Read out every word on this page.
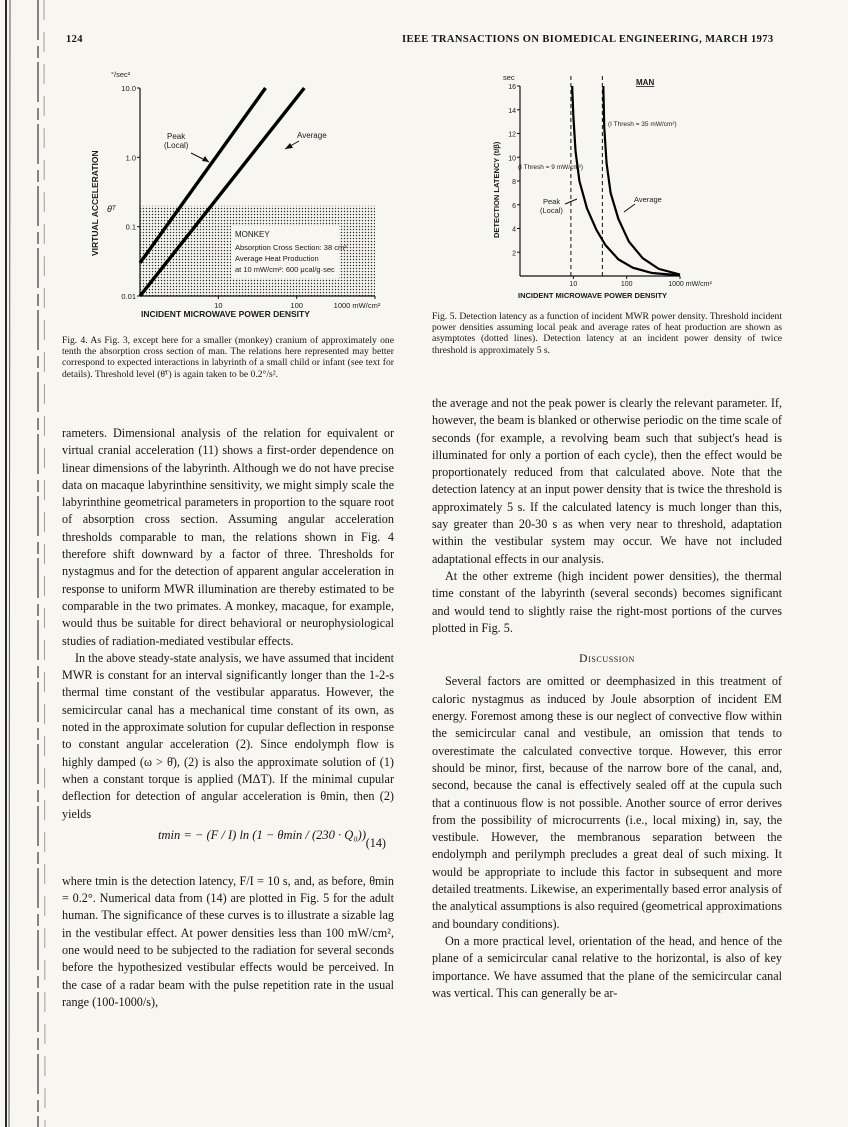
124	IEEE TRANSACTIONS ON BIOMEDICAL ENGINEERING, MARCH 1973
°/sec²
VIRTUAL ACCELERATION θ̈ᵀ
10.0
1.0
0.1
0.01
10	100	1000 mW/cm²
Peak
(Local)
Average
MONKEY
Absorption Cross Section: 38 cm²
Average Heat Production
at 10 mW/cm²: 600 μcal/g·sec
INCIDENT MICROWAVE POWER DENSITY
sec
DETECTION LATENCY (t/β)
2
4
6
8
10
12
14
16
10	100	1000 mW/cm²
MAN
(I Thresh = 35 mW/cm²)
(I Thresh = 9 mW/cm²)
Peak
(Local)
Average
INCIDENT MICROWAVE POWER DENSITY
Fig. 4. As Fig. 3, except here for a smaller (monkey) cranium of approximately one tenth the absorption cross section of man. The relations here represented may better correspond to expected interactions in labyrinth of a small child or infant (see text for details). Threshold level (θ̈ᵀ) is again taken to be 0.2°/s².
Fig. 5. Detection latency as a function of incident MWR power density. Threshold incident power densities assuming local peak and average rates of heat production are shown as asymptotes (dotted lines). Detection latency at an incident power density of twice threshold is approximately 5 s.

rameters. Dimensional analysis of the relation for equivalent or virtual cranial acceleration (11) shows a first-order dependence on linear dimensions of the labyrinth. Although we do not have precise data on macaque labyrinthine sensitivity, we might simply scale the labyrinthine geometrical parameters in proportion to the square root of absorption cross section. Assuming angular acceleration thresholds comparable to man, the relations shown in Fig. 4 therefore shift downward by a factor of three. Thresholds for nystagmus and for the detection of apparent angular acceleration in response to uniform MWR illumination are thereby estimated to be comparable in the two primates. A monkey, macaque, for example, would thus be suitable for direct behavioral or neurophysiological studies of radiation-mediated vestibular effects.

In the above steady-state analysis, we have assumed that incident MWR is constant for an interval significantly longer than the 1-2-s thermal time constant of the vestibular apparatus. However, the semicircular canal has a mechanical time constant of its own, as noted in the approximate solution for cupular deflection in response to constant angular acceleration (2). Since endolymph flow is highly damped (ω > θ̇), (2) is also the approximate solution of (1) when a constant torque is applied (MΔT). If the minimal cupular deflection for detection of angular acceleration is θmin, then (2) yields

tmin = − (F / I) ln (1 − θmin / (230 · Q₀))
(14)

where tmin is the detection latency, F/I = 10 s, and, as before, θmin = 0.2°. Numerical data from (14) are plotted in Fig. 5 for the adult human. The significance of these curves is to illustrate a sizable lag in the vestibular effect. At power densities less than 100 mW/cm², one would need to be subjected to the radiation for several seconds before the hypothesized vestibular effects would be perceived. In the case of a radar beam with the pulse repetition rate in the usual range (100-1000/s),

the average and not the peak power is clearly the relevant parameter. If, however, the beam is blanked or otherwise periodic on the time scale of seconds (for example, a revolving beam such that subject's head is illuminated for only a portion of each cycle), then the effect would be proportionately reduced from that calculated above. Note that the detection latency at an input power density that is twice the threshold is approximately 5 s. If the calculated latency is much longer than this, say greater than 20-30 s as when very near to threshold, adaptation within the vestibular system may occur. We have not included adaptational effects in our analysis.

At the other extreme (high incident power densities), the thermal time constant of the labyrinth (several seconds) becomes significant and would tend to slightly raise the right-most portions of the curves plotted in Fig. 5.

Discussion

Several factors are omitted or deemphasized in this treatment of caloric nystagmus as induced by Joule absorption of incident EM energy. Foremost among these is our neglect of convective flow within the semicircular canal and vestibule, an omission that tends to overestimate the calculated convective torque. However, this error should be minor, first, because of the narrow bore of the canal, and, second, because the canal is effectively sealed off at the cupula such that a continuous flow is not possible. Another source of error derives from the possibility of microcurrents (i.e., local mixing) in, say, the vestibule. However, the membranous separation between the endolymph and perilymph precludes a great deal of such mixing. It would be appropriate to include this factor in subsequent and more detailed treatments. Likewise, an experimentally based error analysis of the analytical assumptions is also required (geometrical approximations and boundary conditions).

On a more practical level, orientation of the head, and hence of the plane of a semicircular canal relative to the horizontal, is also of key importance. We have assumed that the plane of the semicircular canal was vertical. This can generally be ar-
